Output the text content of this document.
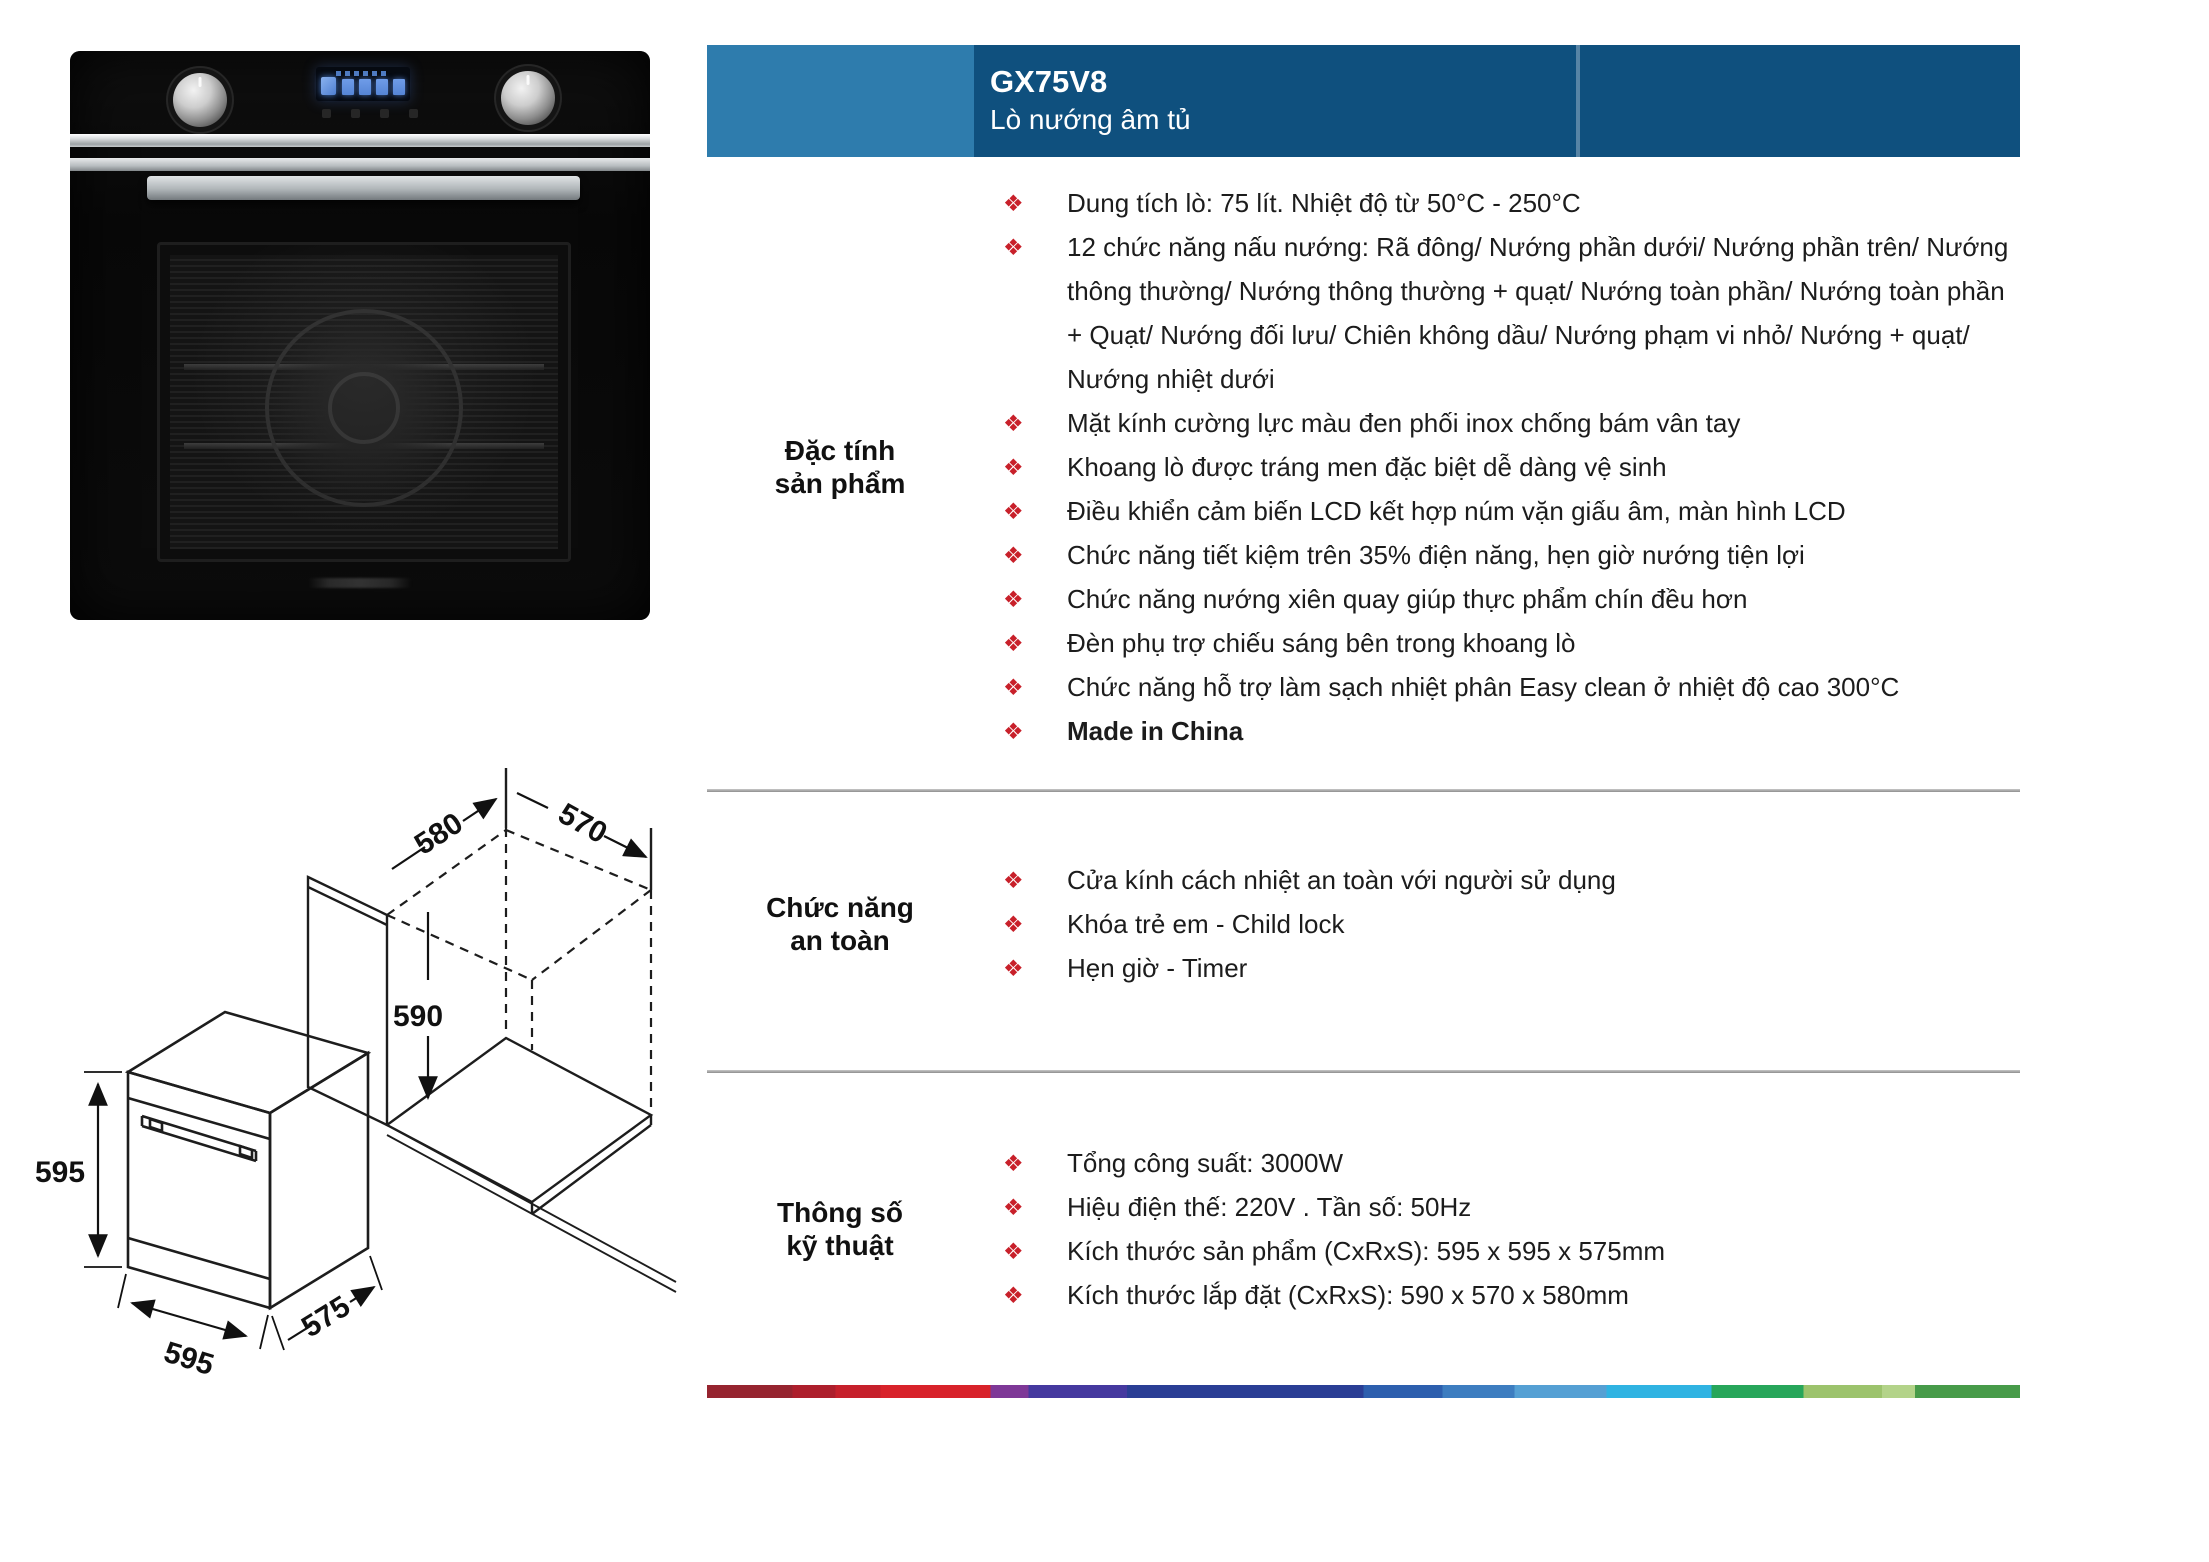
595
595
575
580	570
590
GX75V8
Lò nướng âm tủ
Đặc tính
sản phẩm
❖	Dung tích lò: 75 lít. Nhiệt độ từ 50°C - 250°C
❖	12 chức năng nấu nướng: Rã đông/ Nướng phần dưới/ Nướng phần trên/ Nướng thông thường/ Nướng thông thường + quạt/ Nướng toàn phần/ Nướng toàn phần + Quạt/ Nướng đối lưu/ Chiên không dầu/ Nướng phạm vi nhỏ/ Nướng + quạt/ Nướng nhiệt dưới
❖	Mặt kính cường lực màu đen phối inox chống bám vân tay
❖	Khoang lò được tráng men đặc biệt dễ dàng vệ sinh
❖	Điều khiển cảm biến LCD kết hợp núm vặn giấu âm, màn hình LCD
❖	Chức năng tiết kiệm trên 35% điện năng, hẹn giờ nướng tiện lợi
❖	Chức năng nướng xiên quay giúp thực phẩm chín đều hơn
❖	Đèn phụ trợ chiếu sáng bên trong khoang lò
❖	Chức năng hỗ trợ làm sạch nhiệt phân Easy clean ở nhiệt độ cao 300°C
❖	Made in China
Chức năng
an toàn
❖	Cửa kính cách nhiệt an toàn với người sử dụng
❖	Khóa trẻ em - Child lock
❖	Hẹn giờ - Timer
Thông số
kỹ thuật
❖	Tổng công suất: 3000W
❖	Hiệu điện thế: 220V . Tần số: 50Hz
❖	Kích thước sản phẩm (CxRxS): 595 x 595 x 575mm
❖	Kích thước lắp đặt (CxRxS): 590 x 570 x 580mm
